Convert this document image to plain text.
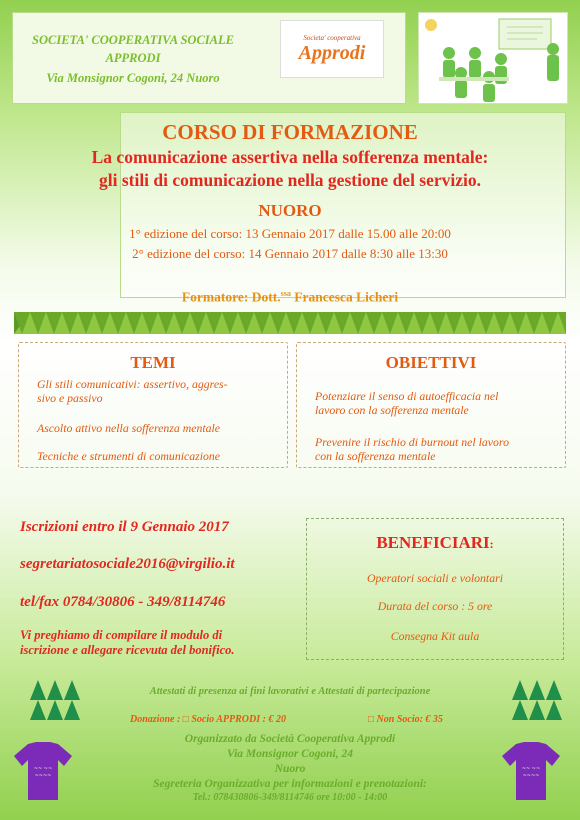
SOCIETA' COOPERATIVA SOCIALE
APPRODI
Via Monsignor Cogoni, 24 Nuoro
Societa' cooperativa
Approdi
CORSO DI FORMAZIONE
La comunicazione assertiva nella sofferenza mentale:
gli stili di comunicazione nella gestione del servizio.
NUORO
1° edizione del corso: 13 Gennaio 2017 dalle 15.00 alle 20:00
2° edizione del corso: 14 Gennaio 2017 dalle 8:30 alle 13:30
Formatore: Dott.$^{ssa}$ Francesca Licheri
TEMI
Gli stili comunicativi: assertivo, aggres-
sivo e passivo
Ascolto attivo nella sofferenza mentale
Tecniche e strumenti di comunicazione
OBIETTIVI
Potenziare il senso di autoefficacia nel
lavoro con la sofferenza mentale
Prevenire il rischio di burnout nel lavoro
con la sofferenza mentale
Iscrizioni entro il 9 Gennaio 2017
segretariatosociale2016@virgilio.it
tel/fax 0784/30806 - 349/8114746
Vi preghiamo di compilare il modulo di
iscrizione e allegare ricevuta del bonifico.
BENEFICIARI:
Operatori sociali e volontari
Durata del corso : 5 ore
Consegna Kit aula
Attestati di presenza ai fini lavorativi e Attestati di partecipazione
Donazione : □ Socio APPRODI : € 20	□ Non Socio: € 35
Organizzato da Società Cooperativa Approdi
Via Monsignor Cogoni, 24
Nuoro
Segreteria Organizzativa per informazioni e prenotazioni:
Tel.: 078430806-349/8114746 ore 10:00 - 14:00
~~ ~~
~~~~
~~ ~~
~~~~
